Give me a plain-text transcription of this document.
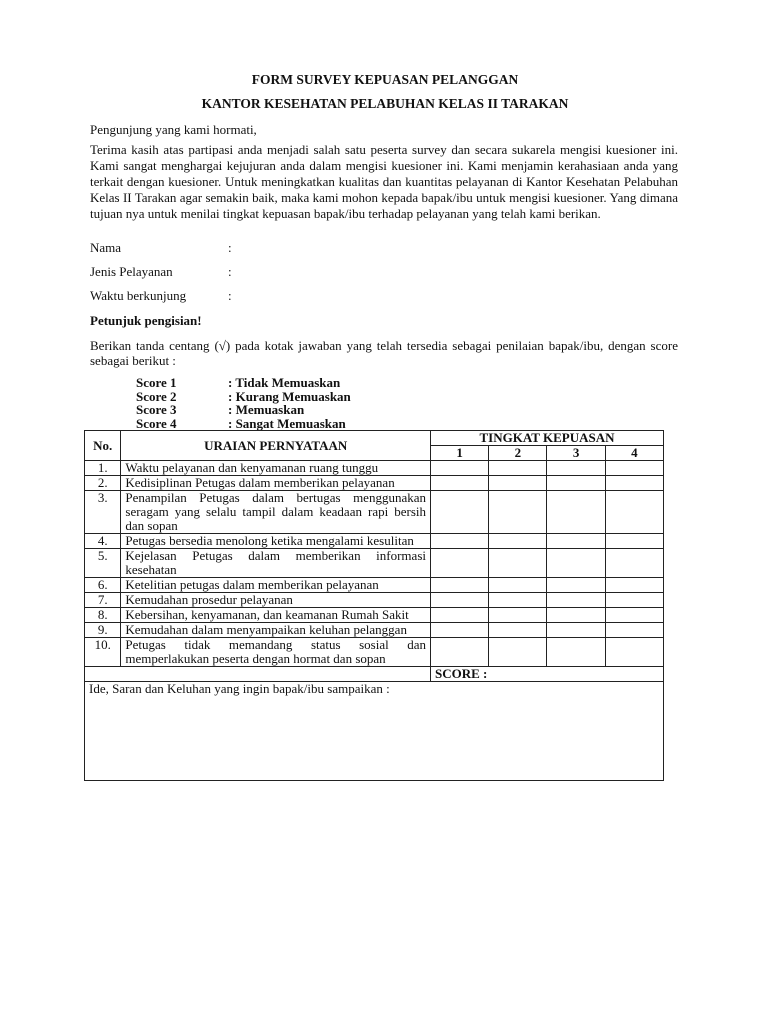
FORM SURVEY KEPUASAN PELANGGAN
KANTOR KESEHATAN PELABUHAN KELAS II TARAKAN
Pengunjung yang kami hormati,
Terima kasih atas partipasi anda menjadi salah satu peserta survey dan secara sukarela mengisi kuesioner ini. Kami sangat menghargai kejujuran anda dalam mengisi kuesioner ini. Kami menjamin kerahasiaan anda yang terkait dengan kuesioner. Untuk meningkatkan kualitas dan kuantitas pelayanan di Kantor Kesehatan Pelabuhan Kelas II Tarakan agar semakin baik, maka kami mohon kepada bapak/ibu untuk mengisi kuesioner. Yang dimana tujuan nya untuk menilai tingkat kepuasan bapak/ibu terhadap pelayanan yang telah kami berikan.
Nama	:
Jenis Pelayanan	:
Waktu berkunjung	:
Petunjuk pengisian!
Berikan tanda centang (√) pada kotak jawaban yang telah tersedia sebagai penilaian bapak/ibu, dengan score sebagai berikut :
Score 1	: Tidak Memuaskan
Score 2	: Kurang Memuaskan
Score 3	: Memuaskan
Score 4	: Sangat Memuaskan
No.	URAIAN PERNYATAAN	TINGKAT KEPUASAN			
		1	2	3	4
1.	Waktu pelayanan dan kenyamanan ruang tunggu				
2.	Kedisiplinan Petugas dalam memberikan pelayanan				
3.	Penampilan Petugas dalam bertugas menggunakan seragam yang selalu tampil dalam keadaan rapi bersih dan sopan				
4.	Petugas bersedia menolong ketika mengalami kesulitan				
5.	Kejelasan Petugas dalam memberikan informasi kesehatan				
6.	Ketelitian petugas dalam memberikan pelayanan				
7.	Kemudahan prosedur pelayanan				
8.	Kebersihan, kenyamanan, dan keamanan Rumah Sakit				
9.	Kemudahan dalam menyampaikan keluhan pelanggan				
10.	Petugas tidak memandang status sosial dan memperlakukan peserta dengan hormat dan sopan				
		SCORE :			
Ide, Saran dan Keluhan yang ingin bapak/ibu sampaikan :					
